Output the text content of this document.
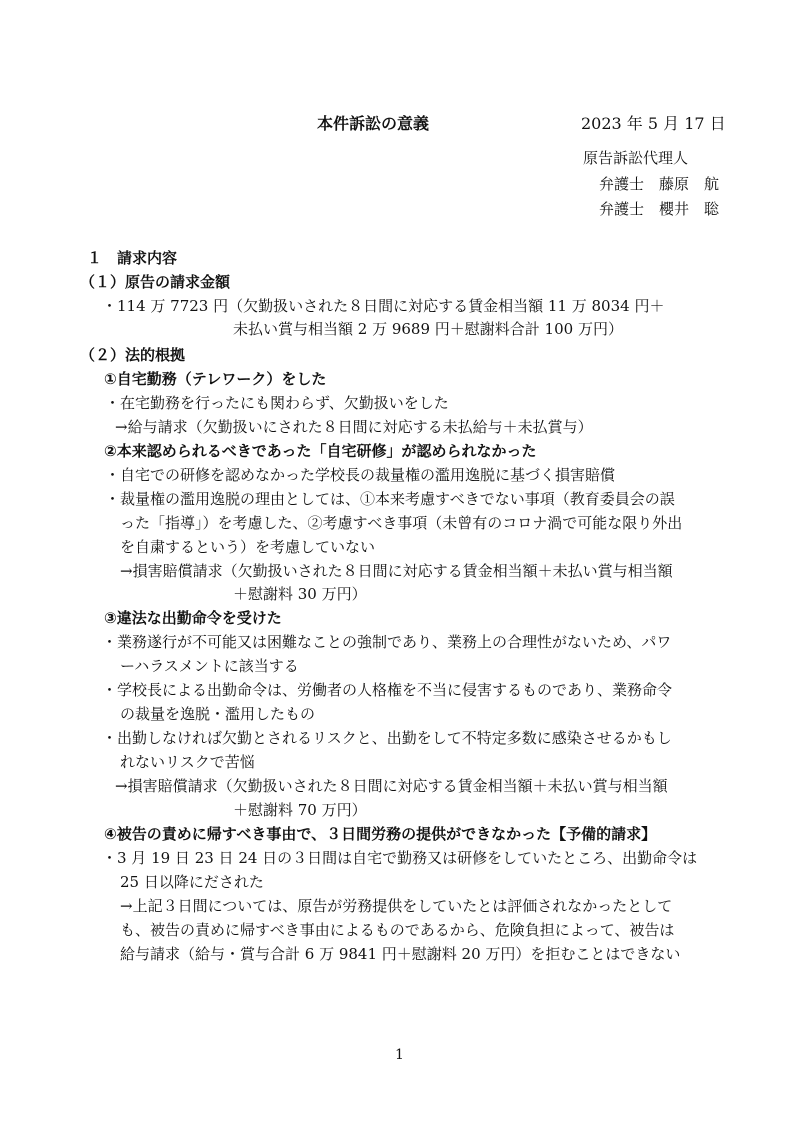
本件訴訟の意義	2023 年 5 月 17 日
原告訴訟代理人
弁護士　藤原　航
弁護士　櫻井　聡
１　請求内容
（１）原告の請求金額
・114 万 7723 円（欠勤扱いされた８日間に対応する賃金相当額 11 万 8034 円＋
未払い賞与相当額 2 万 9689 円＋慰謝料合計 100 万円）
（２）法的根拠
①自宅勤務（テレワーク）をした
・在宅勤務を行ったにも関わらず、欠勤扱いをした
→給与請求（欠勤扱いにされた８日間に対応する未払給与＋未払賞与）
②本来認められるべきであった「自宅研修」が認められなかった
・自宅での研修を認めなかった学校長の裁量権の濫用逸脱に基づく損害賠償
・裁量権の濫用逸脱の理由としては、①本来考慮すべきでない事項（教育委員会の誤
った「指導」）を考慮した、②考慮すべき事項（未曾有のコロナ渦で可能な限り外出
を自粛するという）を考慮していない
→損害賠償請求（欠勤扱いされた８日間に対応する賃金相当額＋未払い賞与相当額
＋慰謝料 30 万円）
③違法な出勤命令を受けた
・業務遂行が不可能又は困難なことの強制であり、業務上の合理性がないため、パワ
ーハラスメントに該当する
・学校長による出勤命令は、労働者の人格権を不当に侵害するものであり、業務命令
の裁量を逸脱・濫用したもの
・出勤しなければ欠勤とされるリスクと、出勤をして不特定多数に感染させるかもし
れないリスクで苦悩
→損害賠償請求（欠勤扱いされた８日間に対応する賃金相当額＋未払い賞与相当額
＋慰謝料 70 万円）
④被告の責めに帰すべき事由で、３日間労務の提供ができなかった【予備的請求】
・3 月 19 日 23 日 24 日の３日間は自宅で勤務又は研修をしていたところ、出勤命令は
25 日以降にだされた
→上記３日間については、原告が労務提供をしていたとは評価されなかったとして
も、被告の責めに帰すべき事由によるものであるから、危険負担によって、被告は
給与請求（給与・賞与合計 6 万 9841 円＋慰謝料 20 万円）を拒むことはできない
1
